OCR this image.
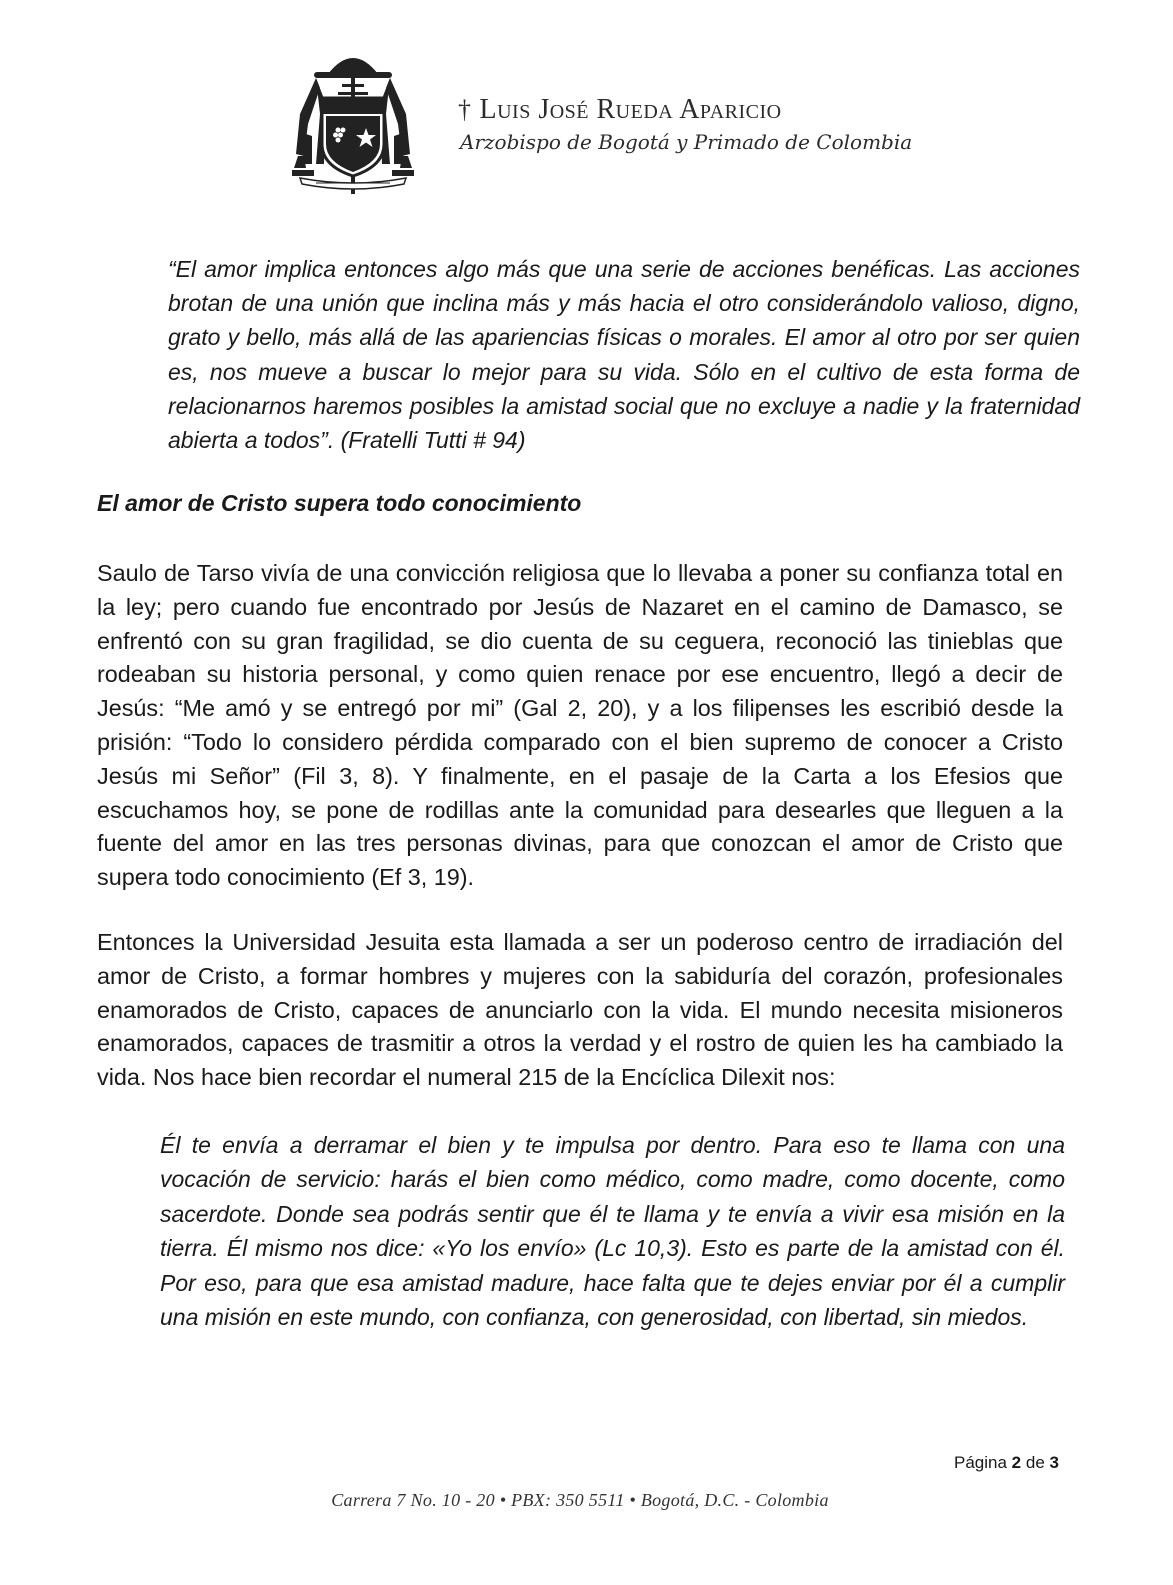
† Luis José Rueda Aparicio
Arzobispo de Bogotá y Primado de Colombia
“El amor implica entonces algo más que una serie de acciones benéficas. Las acciones brotan de una unión que inclina más y más hacia el otro considerándolo valioso, digno, grato y bello, más allá de las apariencias físicas o morales. El amor al otro por ser quien es, nos mueve a buscar lo mejor para su vida. Sólo en el cultivo de esta forma de relacionarnos haremos posibles la amistad social que no excluye a nadie y la fraternidad abierta a todos”. (Fratelli Tutti # 94)
El amor de Cristo supera todo conocimiento
Saulo de Tarso vivía de una convicción religiosa que lo llevaba a poner su confianza total en la ley; pero cuando fue encontrado por Jesús de Nazaret en el camino de Damasco, se enfrentó con su gran fragilidad, se dio cuenta de su ceguera, reconoció las tinieblas que rodeaban su historia personal, y como quien renace por ese encuentro, llegó a decir de Jesús: “Me amó y se entregó por mi” (Gal 2, 20), y a los filipenses les escribió desde la prisión: “Todo lo considero pérdida comparado con el bien supremo de conocer a Cristo Jesús mi Señor” (Fil 3, 8). Y finalmente, en el pasaje de la Carta a los Efesios que escuchamos hoy, se pone de rodillas ante la comunidad para desearles que lleguen a la fuente del amor en las tres personas divinas, para que conozcan el amor de Cristo que supera todo conocimiento (Ef 3, 19).
Entonces la Universidad Jesuita esta llamada a ser un poderoso centro de irradiación del amor de Cristo, a formar hombres y mujeres con la sabiduría del corazón, profesionales enamorados de Cristo, capaces de anunciarlo con la vida. El mundo necesita misioneros enamorados, capaces de trasmitir a otros la verdad y el rostro de quien les ha cambiado la vida. Nos hace bien recordar el numeral 215 de la Encíclica Dilexit nos:
Él te envía a derramar el bien y te impulsa por dentro. Para eso te llama con una vocación de servicio: harás el bien como médico, como madre, como docente, como sacerdote. Donde sea podrás sentir que él te llama y te envía a vivir esa misión en la tierra. Él mismo nos dice: «Yo los envío» (Lc 10,3). Esto es parte de la amistad con él. Por eso, para que esa amistad madure, hace falta que te dejes enviar por él a cumplir una misión en este mundo, con confianza, con generosidad, con libertad, sin miedos.
Página 2 de 3
Carrera 7 No. 10 - 20 • PBX: 350 5511 • Bogotá, D.C. - Colombia
